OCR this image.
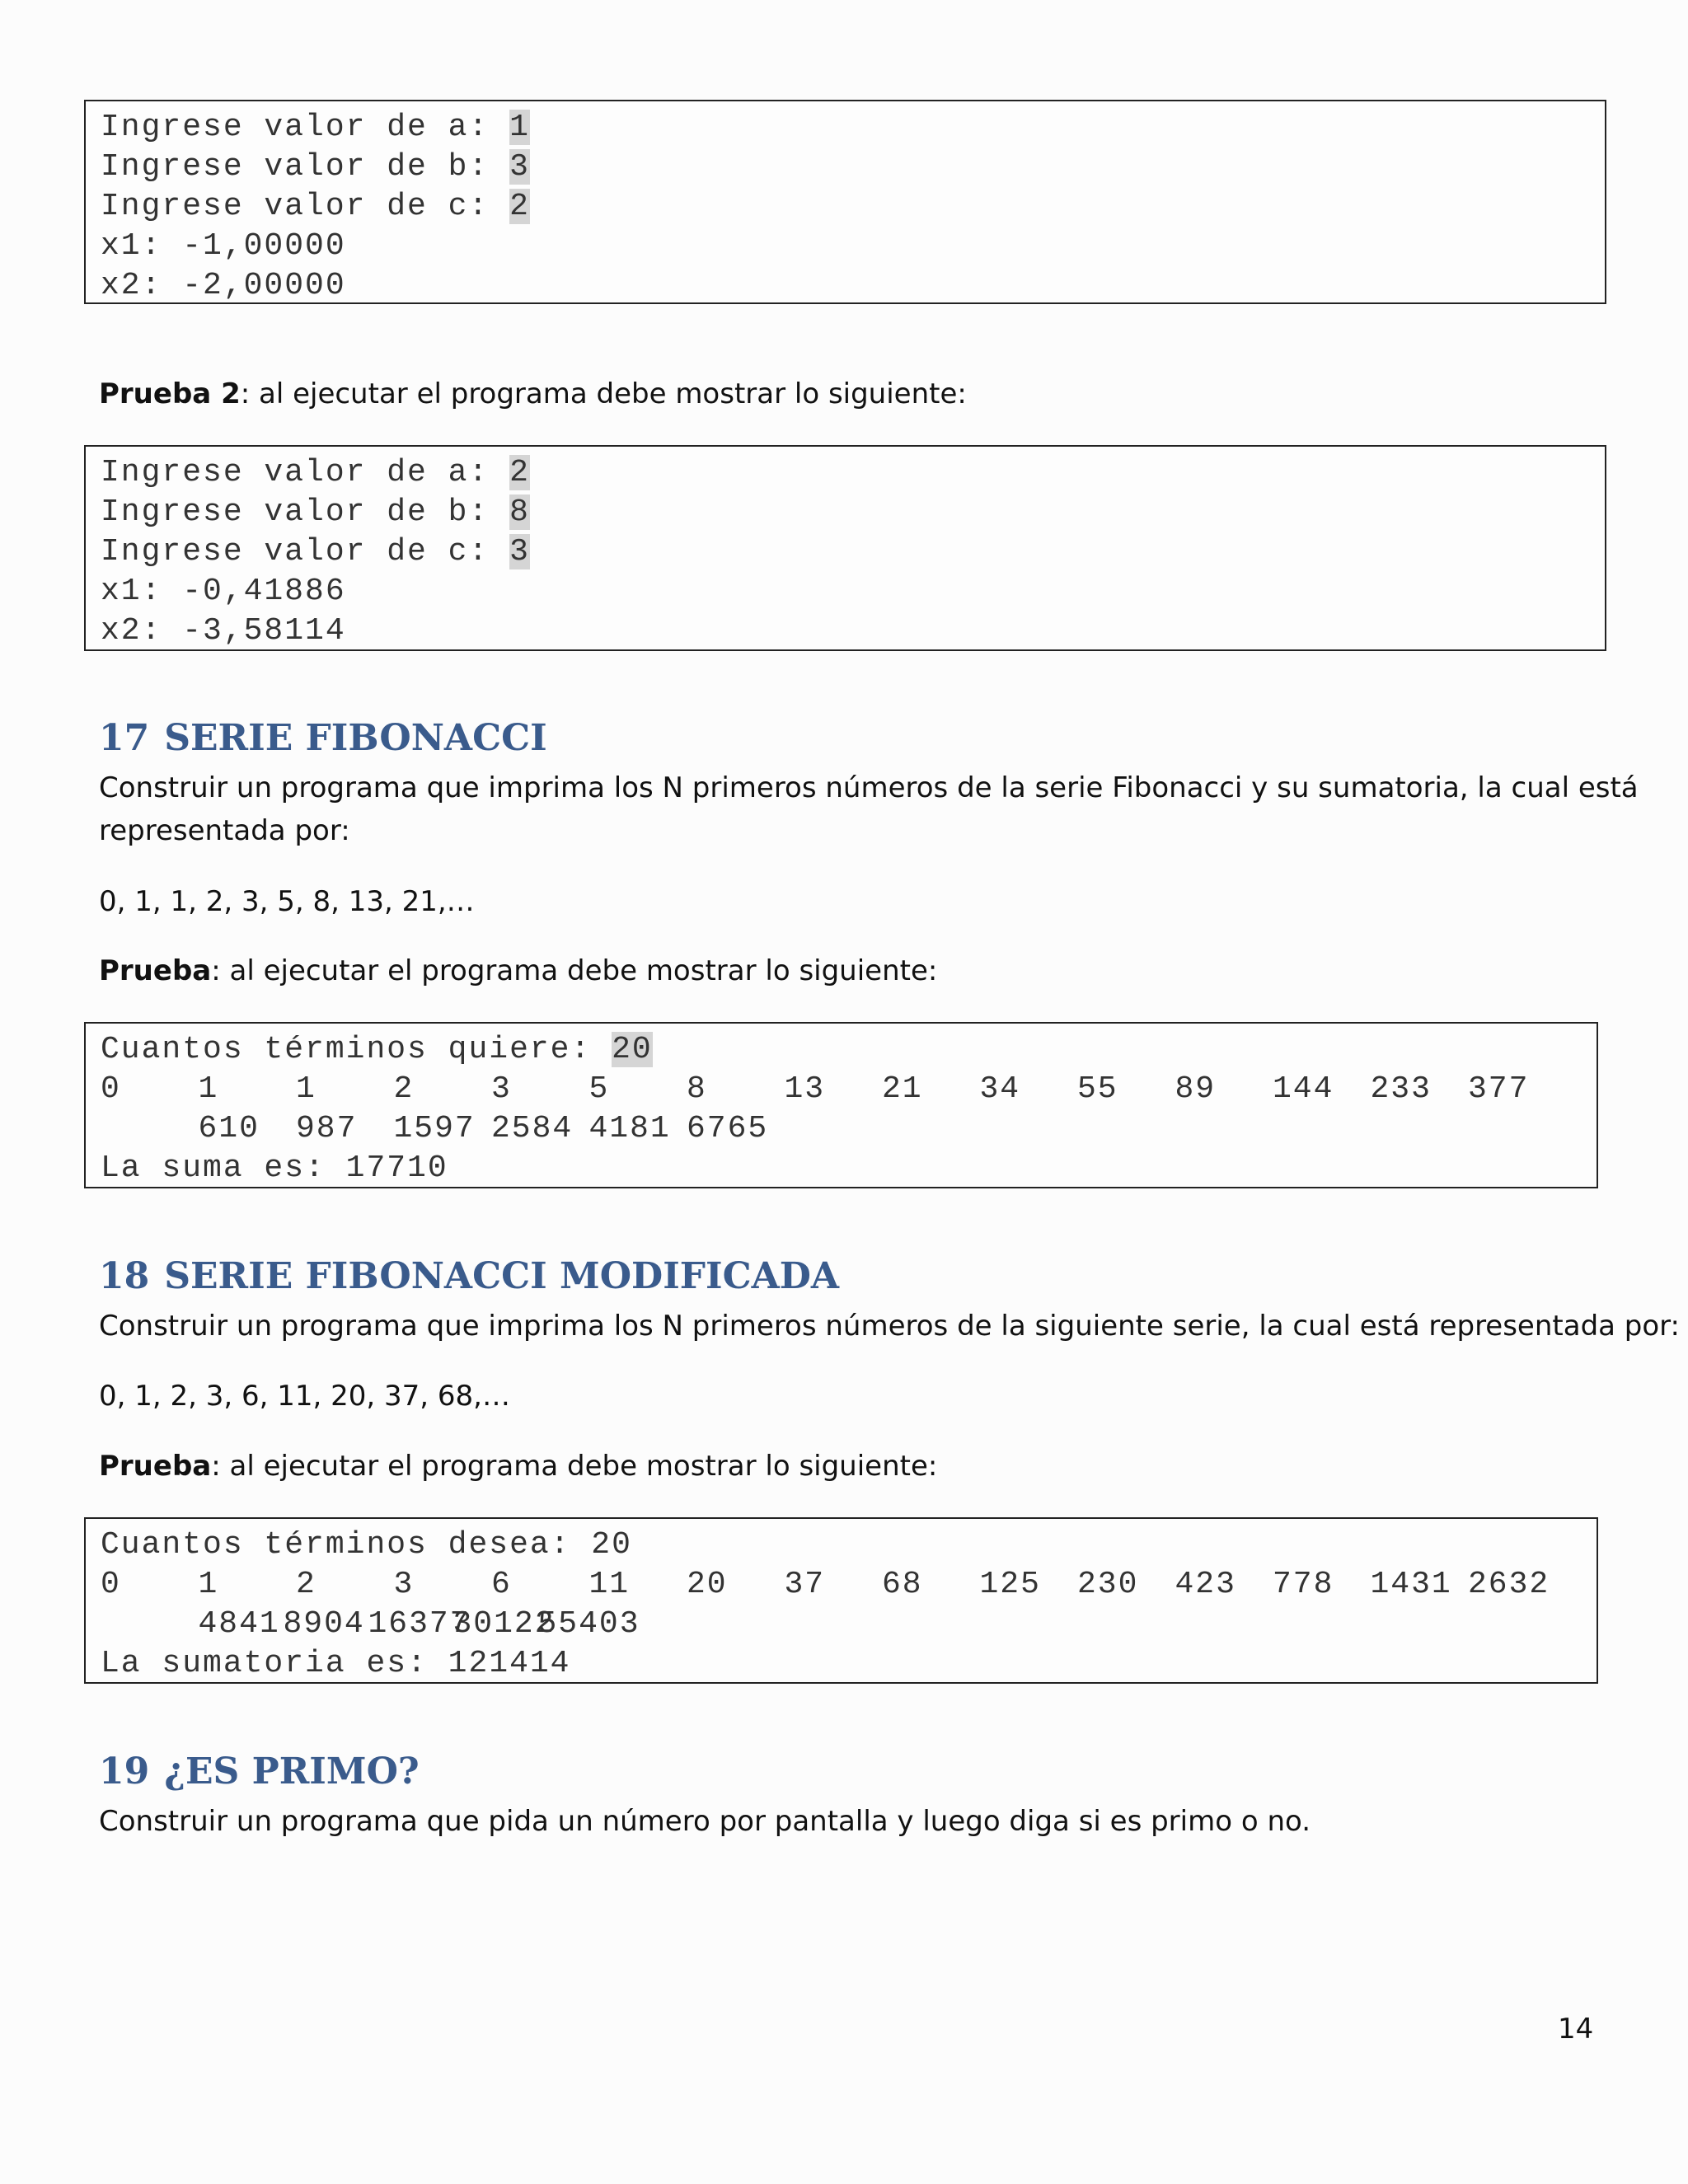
Ingrese valor de a: 1
Ingrese valor de b: 3
Ingrese valor de c: 2
x1: -1,00000
x2: -2,00000
Prueba 2: al ejecutar el programa debe mostrar lo siguiente:
Ingrese valor de a: 2
Ingrese valor de b: 8
Ingrese valor de c: 3
x1: -0,41886
x2: -3,58114
17 SERIE FIBONACCI
Construir un programa que imprima los N primeros números de la serie Fibonacci y su sumatoria, la cual está
representada por:
0, 1, 1, 2, 3, 5, 8, 13, 21,…
Prueba: al ejecutar el programa debe mostrar lo siguiente:
Cuantos términos quiere: 20
0 1 1 2 3 5 8 13 21 34 55 89 144 233 377
610 987 1597 2584 4181 6765
La suma es: 17710
18 SERIE FIBONACCI MODIFICADA
Construir un programa que imprima los N primeros números de la siguiente serie, la cual está representada por:
0, 1, 2, 3, 6, 11, 20, 37, 68,…
Prueba: al ejecutar el programa debe mostrar lo siguiente:
Cuantos términos desea: 20
0 1 2 3 6 11 20 37 68 125 230 423 778 1431 2632
4841 8904 16377
30122
55403
La sumatoria es: 121414
19 ¿ES PRIMO?
Construir un programa que pida un número por pantalla y luego diga si es primo o no.
14
